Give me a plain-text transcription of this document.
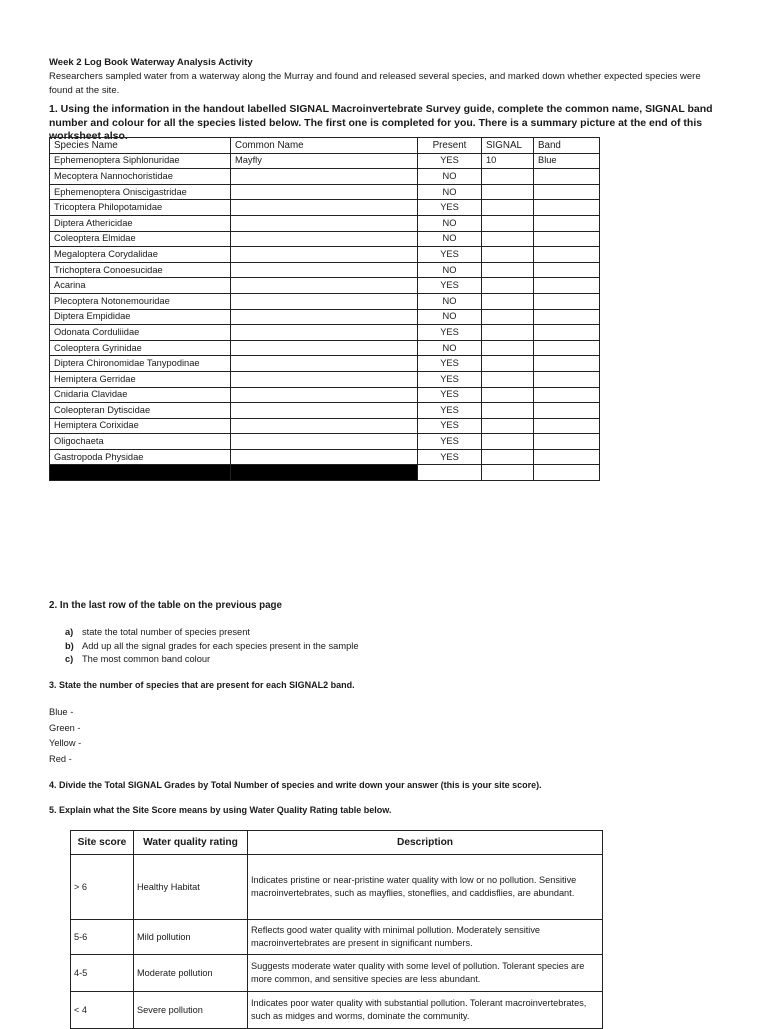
Week 2 Log Book Waterway Analysis Activity
Researchers sampled water from a waterway along the Murray and found and released several species, and marked down whether expected species were found at the site.
1. Using the information in the handout labelled SIGNAL Macroinvertebrate Survey guide, complete the common name, SIGNAL band number and colour for all the species listed below. The first one is completed for you. There is a summary picture at the end of this worksheet also.
Species Name	Common Name	Present	SIGNAL	Band
Ephemenoptera Siphlonuridae	Mayfly	YES	10	Blue
Mecoptera Nannochoristidae		NO		
Ephemenoptera Oniscigastridae		NO		
Tricoptera Philopotamidae		YES		
Diptera Athericidae		NO		
Coleoptera Elmidae		NO		
Megaloptera Corydalidae		YES		
Trichoptera Conoesucidae		NO		
Acarina		YES		
Plecoptera Notonemouridae		NO		
Diptera Empididae		NO		
Odonata Corduliidae		YES		
Coleoptera Gyrinidae		NO		
Diptera Chironomidae Tanypodinae		YES		
Hemiptera Gerridae		YES		
Cnidaria Clavidae		YES		
Coleopteran Dytiscidae		YES		
Hemiptera Corixidae		YES		
Oligochaeta		YES		
Gastropoda Physidae		YES		

2. In the last row of the table on the previous page
a) state the total number of species present
b) Add up all the signal grades for each species present in the sample
c) The most common band colour
3. State the number of species that are present for each SIGNAL2 band.
Blue -
Green -
Yellow -
Red -
4. Divide the Total SIGNAL Grades by Total Number of species and write down your answer (this is your site score).
5. Explain what the Site Score means by using Water Quality Rating table below.
Site score	Water quality rating	Description
> 6	Healthy Habitat	Indicates pristine or near-pristine water quality with low or no pollution. Sensitive macroinvertebrates, such as mayflies, stoneflies, and caddisflies, are abundant.
5-6	Mild pollution	Reflects good water quality with minimal pollution. Moderately sensitive macroinvertebrates are present in significant numbers.
4-5	Moderate pollution	Suggests moderate water quality with some level of pollution. Tolerant species are more common, and sensitive species are less abundant.
< 4	Severe pollution	Indicates poor water quality with substantial pollution. Tolerant macroinvertebrates, such as midges and worms, dominate the community.
